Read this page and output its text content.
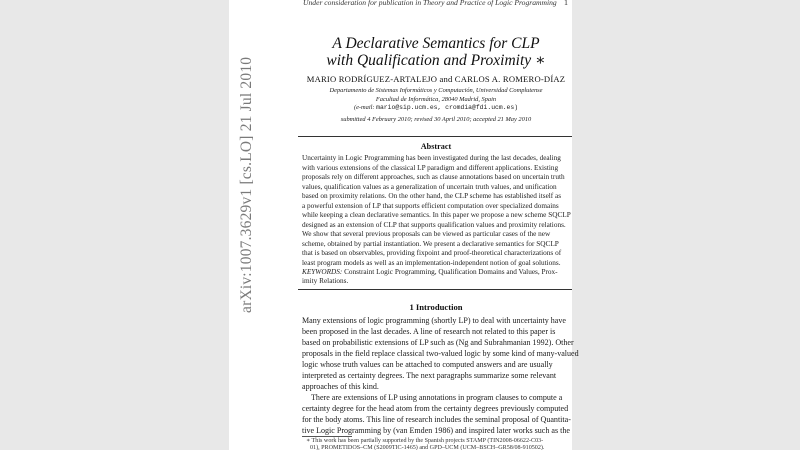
arXiv:1007.3629v1 [cs.LO] 21 Jul 2010
Under consideration for publication in Theory and Practice of Logic Programming 1
A Declarative Semantics for CLP
with Qualification and Proximity ∗
MARIO RODRÍGUEZ-ARTALEJO and CARLOS A. ROMERO-DÍAZ
Departamento de Sistemas Informáticos y Computación, Universidad Complutense
Facultad de Informática, 28040 Madrid, Spain
(e-mail: mario@sip.ucm.es, cromdia@fdi.ucm.es)
submitted 4 February 2010; revised 30 April 2010; accepted 21 May 2010
Abstract
Uncertainty in Logic Programming has been investigated during the last decades, dealing
with various extensions of the classical LP paradigm and different applications. Existing
proposals rely on different approaches, such as clause annotations based on uncertain truth
values, qualification values as a generalization of uncertain truth values, and unification
based on proximity relations. On the other hand, the CLP scheme has established itself as
a powerful extension of LP that supports efficient computation over specialized domains
while keeping a clean declarative semantics. In this paper we propose a new scheme SQCLP
designed as an extension of CLP that supports qualification values and proximity relations.
We show that several previous proposals can be viewed as particular cases of the new
scheme, obtained by partial instantiation. We present a declarative semantics for SQCLP
that is based on observables, providing fixpoint and proof-theoretical characterizations of
least program models as well as an implementation-independent notion of goal solutions.
KEYWORDS: Constraint Logic Programming, Qualification Domains and Values, Prox-
imity Relations.
1 Introduction
Many extensions of logic programming (shortly LP) to deal with uncertainty have
been proposed in the last decades. A line of research not related to this paper is
based on probabilistic extensions of LP such as (Ng and Subrahmanian 1992). Other
proposals in the field replace classical two-valued logic by some kind of many-valued
logic whose truth values can be attached to computed answers and are usually
interpreted as certainty degrees. The next paragraphs summarize some relevant
approaches of this kind.
There are extensions of LP using annotations in program clauses to compute a
certainty degree for the head atom from the certainty degrees previously computed
for the body atoms. This line of research includes the seminal proposal of Quantita-
tive Logic Programming by (van Emden 1986) and inspired later works such as the
∗ This work has been partially supported by the Spanish projects STAMP (TIN2008-06622-C03-
01), PROMETIDOS–CM (S2009TIC-1465) and GPD–UCM (UCM–BSCH–GR58/08-910502).
